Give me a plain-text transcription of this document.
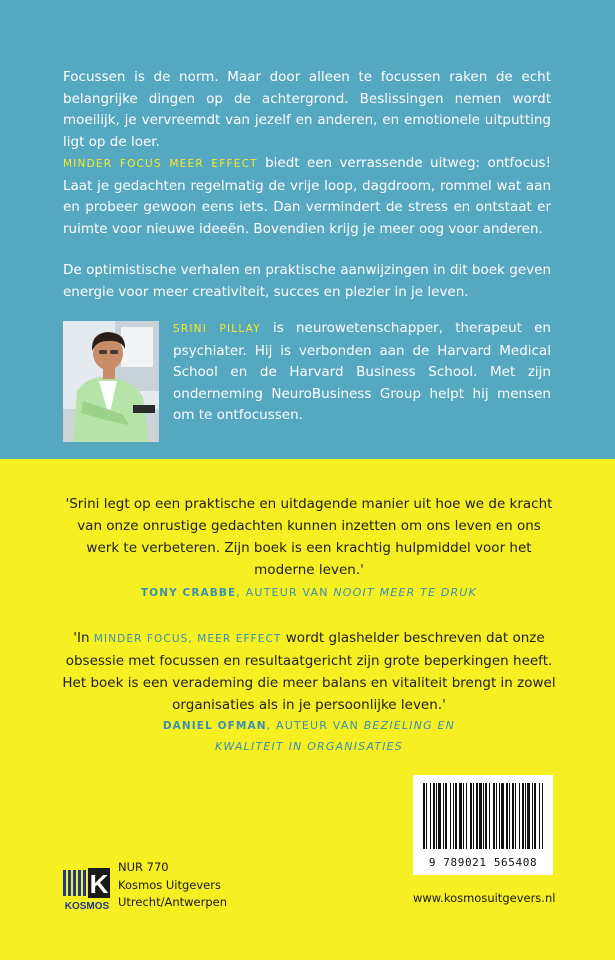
Focussen is de norm. Maar door alleen te focussen raken de echt belangrijke dingen op de achtergrond. Beslissingen nemen wordt moeilijk, je vervreemdt van jezelf en anderen, en emotionele uitputting ligt op de loer.
MINDER FOCUS MEER EFFECT biedt een verrassende uitweg: ontfocus! Laat je gedachten regelmatig de vrije loop, dagdroom, rommel wat aan en probeer gewoon eens iets. Dan vermindert de stress en ontstaat er ruimte voor nieuwe ideeën. Bovendien krijg je meer oog voor anderen.
De optimistische verhalen en praktische aanwijzingen in dit boek geven energie voor meer creativiteit, succes en plezier in je leven.
SRINI PILLAY is neurowetenschapper, therapeut en psychiater. Hij is verbonden aan de Harvard Medical School en de Harvard Business School. Met zijn onderneming NeuroBusiness Group helpt hij mensen om te ontfocussen.
'Srini legt op een praktische en uitdagende manier uit hoe we de kracht van onze onrustige gedachten kunnen inzetten om ons leven en ons werk te verbeteren. Zijn boek is een krachtig hulpmiddel voor het moderne leven.'
TONY CRABBE, AUTEUR VAN NOOIT MEER TE DRUK
'In MINDER FOCUS, MEER EFFECT wordt glashelder beschreven dat onze obsessie met focussen en resultaatgericht zijn grote beperkingen heeft. Het boek is een verademing die meer balans en vitaliteit brengt in zowel organisaties als in je persoonlijke leven.'
DANIEL OFMAN, AUTEUR VAN BEZIELING EN
KWALITEIT IN ORGANISATIES
K
KOSMOS
NUR 770
Kosmos Uitgevers
Utrecht/Antwerpen
9 789021 565408
www.kosmosuitgevers.nl
